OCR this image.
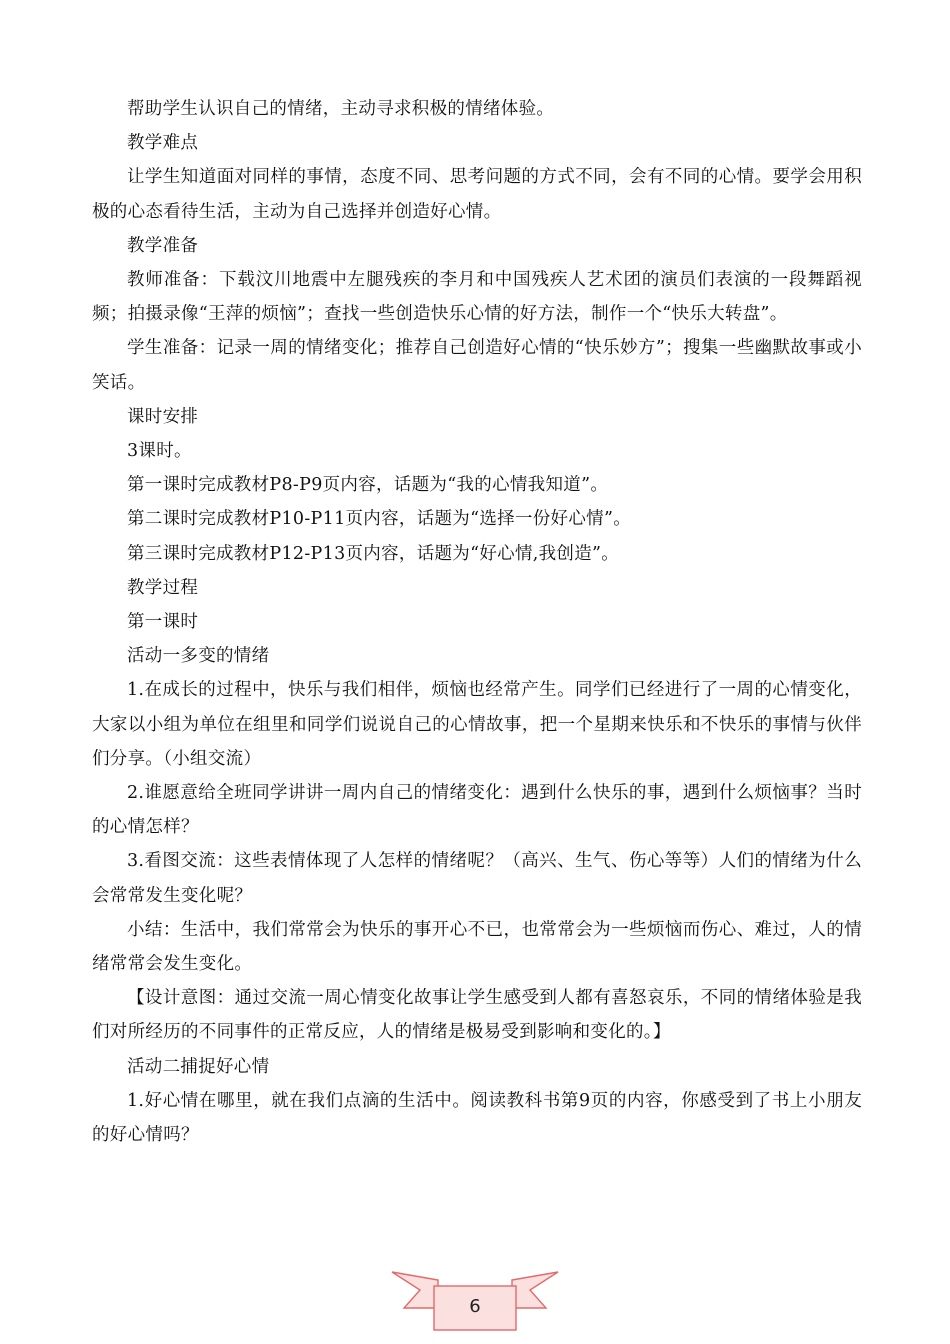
帮助学生认识自己的情绪，主动寻求积极的情绪体验。

教学难点

让学生知道面对同样的事情，态度不同、思考问题的方式不同，会有不同的心情。要学会用积极的心态看待生活，主动为自己选择并创造好心情。

教学准备

教师准备：下载汶川地震中左腿残疾的李月和中国残疾人艺术团的演员们表演的一段舞蹈视频；拍摄录像“王萍的烦恼”；查找一些创造快乐心情的好方法，制作一个“快乐大转盘”。

学生准备：记录一周的情绪变化；推荐自己创造好心情的“快乐妙方”；搜集一些幽默故事或小笑话。

课时安排

3课时。

第一课时完成教材P8-P9页内容，话题为“我的心情我知道”。

第二课时完成教材P10-P11页内容，话题为“选择一份好心情”。

第三课时完成教材P12-P13页内容，话题为“好心情,我创造”。

教学过程

第一课时

活动一多变的情绪

1.在成长的过程中，快乐与我们相伴，烦恼也经常产生。同学们已经进行了一周的心情变化，大家以小组为单位在组里和同学们说说自己的心情故事，把一个星期来快乐和不快乐的事情与伙伴们分享。（小组交流）

2.谁愿意给全班同学讲讲一周内自己的情绪变化：遇到什么快乐的事，遇到什么烦恼事？当时的心情怎样？

3.看图交流：这些表情体现了人怎样的情绪呢？（高兴、生气、伤心等等）人们的情绪为什么会常常发生变化呢？

小结：生活中，我们常常会为快乐的事开心不已，也常常会为一些烦恼而伤心、难过，人的情绪常常会发生变化。

【设计意图：通过交流一周心情变化故事让学生感受到人都有喜怒哀乐，不同的情绪体验是我们对所经历的不同事件的正常反应，人的情绪是极易受到影响和变化的。】

活动二捕捉好心情

1.好心情在哪里，就在我们点滴的生活中。阅读教科书第9页的内容，你感受到了书上小朋友的好心情吗？

6
